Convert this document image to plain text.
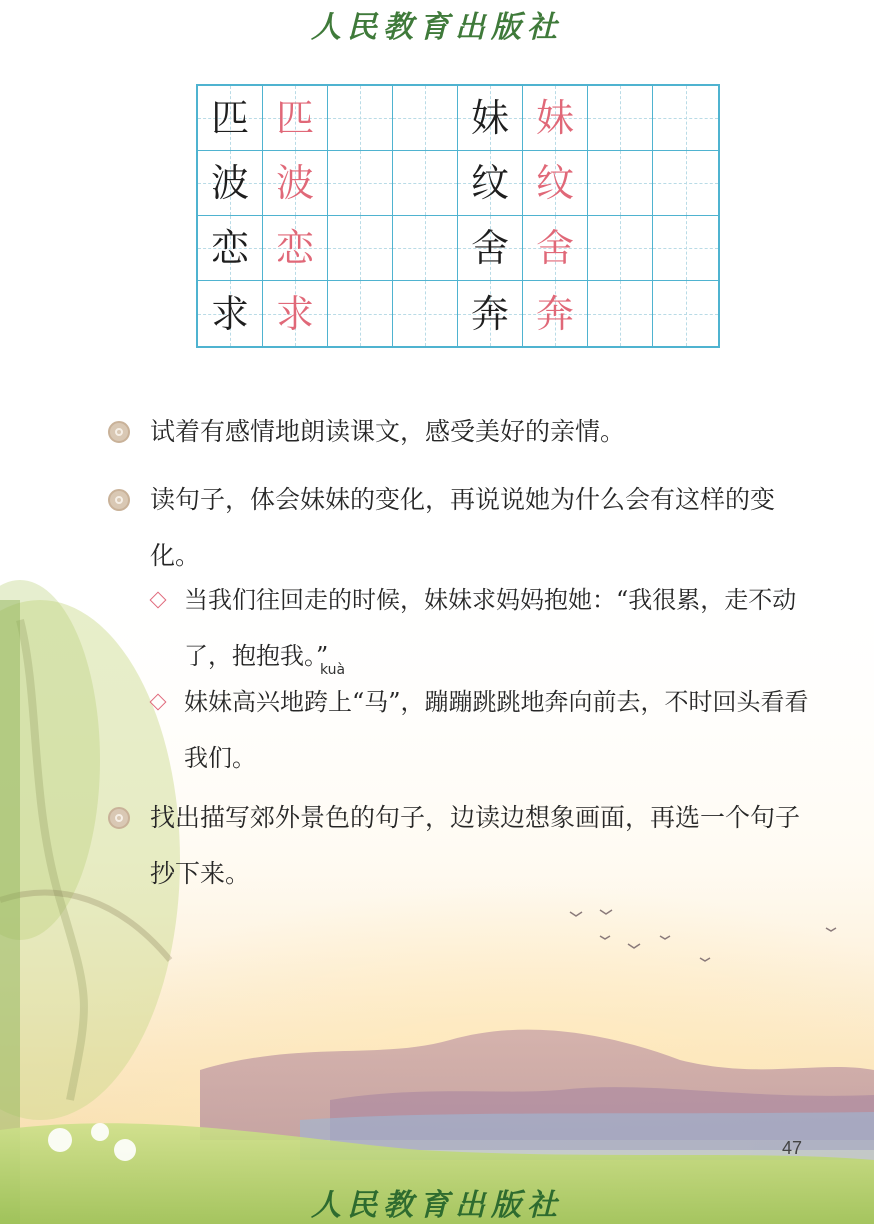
人民教育出版社
匹 匹	妹 妹
波 波	纹 纹
恋 恋	舍 舍
求 求	奔 奔
试着有感情地朗读课文，感受美好的亲情。
读句子，体会妹妹的变化，再说说她为什么会有这样的变化。
当我们往回走的时候，妹妹求妈妈抱她：“我很累，走不动了，抱抱我。”
kuà
妹妹高兴地跨上“马”，蹦蹦跳跳地奔向前去，不时回头看看我们。
找出描写郊外景色的句子，边读边想象画面，再选一个句子抄下来。
47
人民教育出版社
